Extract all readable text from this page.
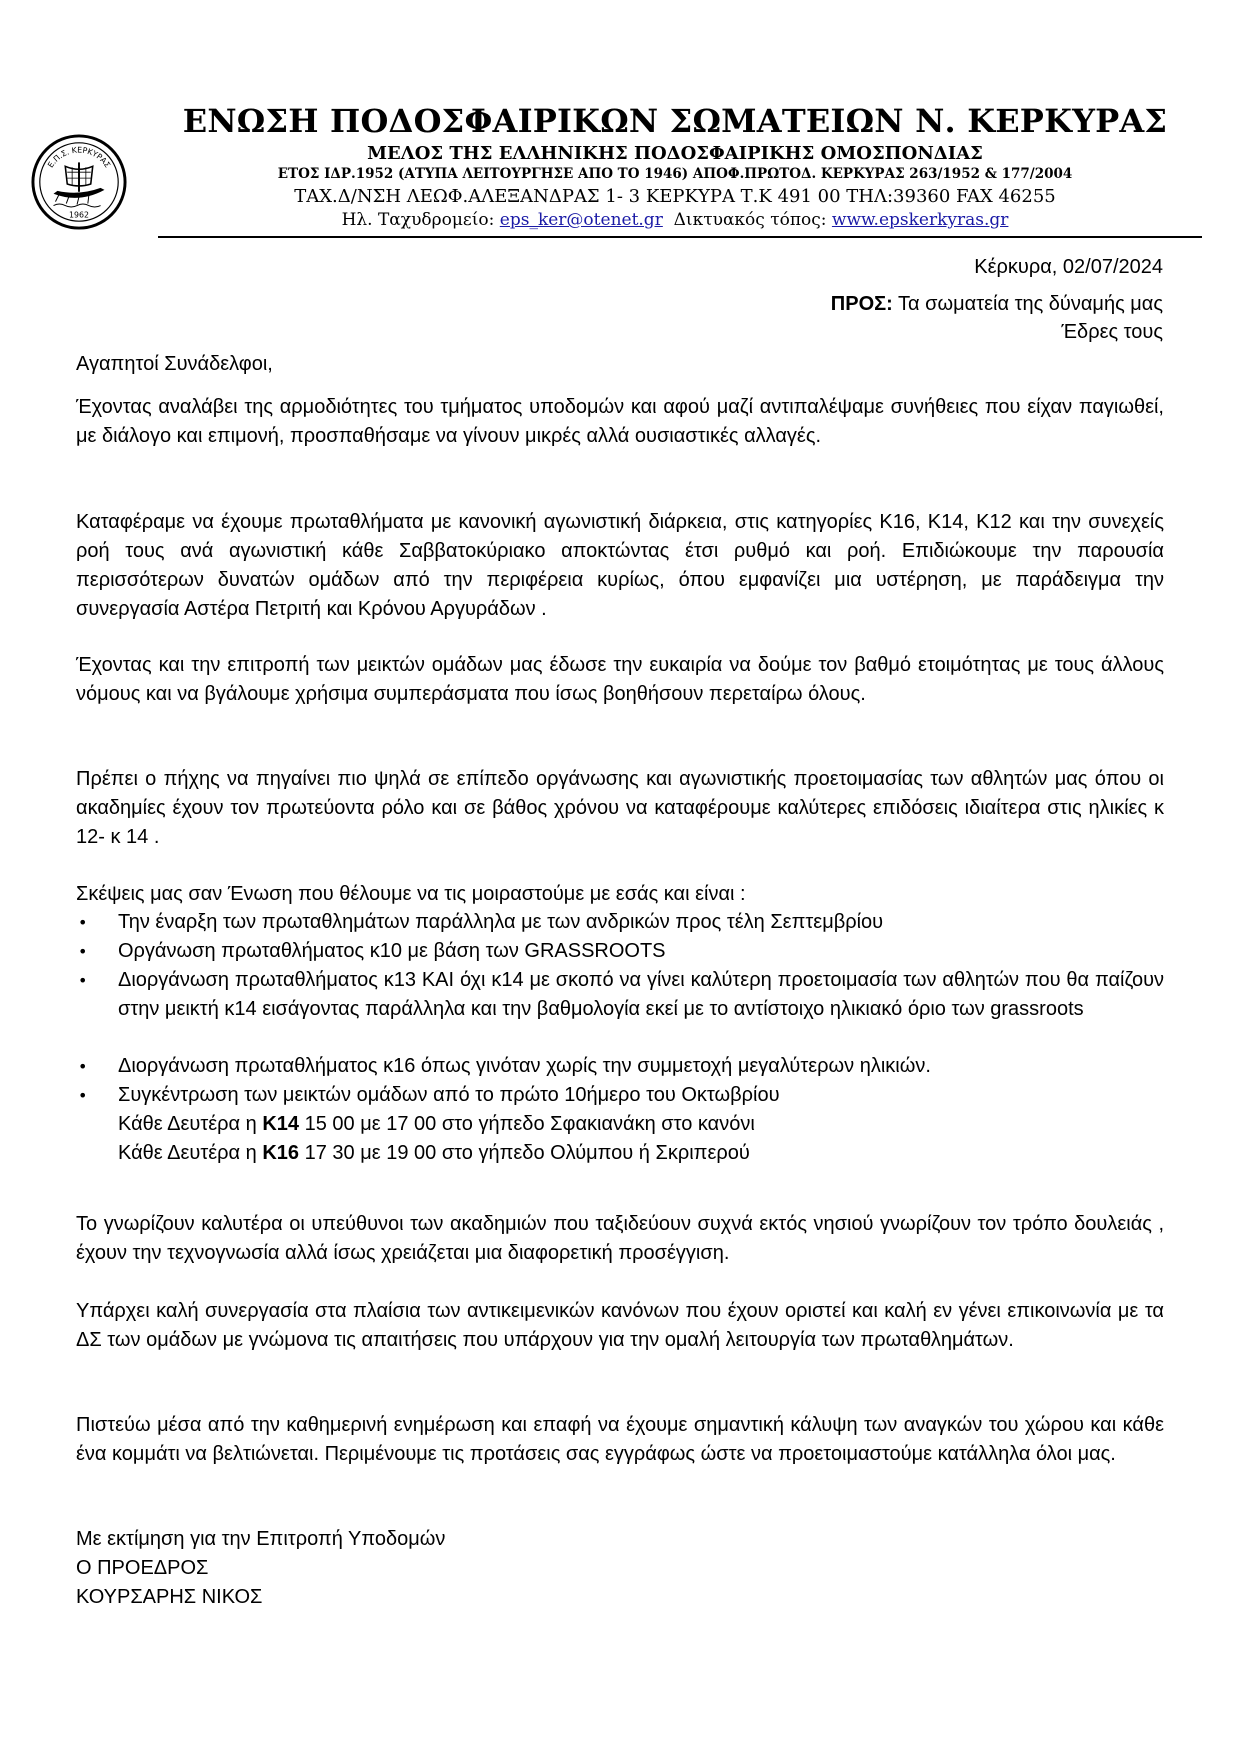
Ε.Π.Σ. ΚΕΡΚΥΡΑΣ
1962
ΕΝΩΣΗ ΠΟΔΟΣΦΑΙΡΙΚΩΝ ΣΩΜΑΤΕΙΩΝ Ν. ΚΕΡΚΥΡΑΣ
ΜΕΛΟΣ ΤΗΣ ΕΛΛΗΝΙΚΗΣ ΠΟΔΟΣΦΑΙΡΙΚΗΣ ΟΜΟΣΠΟΝΔΙΑΣ
ΕΤΟΣ ΙΔΡ.1952 (ΑΤΥΠΑ ΛΕΙΤΟΥΡΓΗΣΕ ΑΠΟ ΤΟ 1946) ΑΠΟΦ.ΠΡΩΤΟΔ. ΚΕΡΚΥΡΑΣ 263/1952 & 177/2004
ΤΑΧ.Δ/ΝΣΗ ΛΕΩΦ.ΑΛΕΞΑΝΔΡΑΣ 1- 3 ΚΕΡΚΥΡΑ Τ.Κ 491 00 ΤΗΛ:39360 FAX 46255
Ηλ. Ταχυδρομείο: eps_ker@otenet.gr Δικτυακός τόπος: www.epskerkyras.gr
Κέρκυρα, 02/07/2024
ΠΡΟΣ: Τα σωματεία της δύναμής μας
Έδρες τους
Αγαπητοί Συνάδελφοι,
Έχοντας αναλάβει της αρμοδιότητες του τμήματος υποδομών και αφού μαζί αντιπαλέψαμε συνήθειες που είχαν παγιωθεί, με διάλογο και επιμονή, προσπαθήσαμε να γίνουν μικρές αλλά ουσιαστικές αλλαγές.
Καταφέραμε να έχουμε πρωταθλήματα με κανονική αγωνιστική διάρκεια, στις κατηγορίες Κ16, Κ14, Κ12 και την συνεχείς ροή τους ανά αγωνιστική κάθε Σαββατοκύριακο αποκτώντας έτσι ρυθμό και ροή. Επιδιώκουμε την παρουσία περισσότερων δυνατών ομάδων από την περιφέρεια κυρίως, όπου εμφανίζει μια υστέρηση, με παράδειγμα την συνεργασία Αστέρα Πετριτή και Κρόνου Αργυράδων .
Έχοντας και την επιτροπή των μεικτών ομάδων μας έδωσε την ευκαιρία να δούμε τον βαθμό ετοιμότητας με τους άλλους νόμους και να βγάλουμε χρήσιμα συμπεράσματα που ίσως βοηθήσουν περεταίρω όλους.
Πρέπει ο πήχης να πηγαίνει πιο ψηλά σε επίπεδο οργάνωσης και αγωνιστικής προετοιμασίας των αθλητών μας όπου οι ακαδημίες έχουν τον πρωτεύοντα ρόλο και σε βάθος χρόνου να καταφέρουμε καλύτερες επιδόσεις ιδιαίτερα στις ηλικίες κ 12- κ 14 .
Σκέψεις μας σαν Ένωση που θέλουμε να τις μοιραστούμε με εσάς και είναι :
• Την έναρξη των πρωταθλημάτων παράλληλα με των ανδρικών προς τέλη Σεπτεμβρίου
• Οργάνωση πρωταθλήματος κ10 με βάση των GRASSROOTS
• Διοργάνωση πρωταθλήματος κ13 ΚΑΙ όχι κ14 με σκοπό να γίνει καλύτερη προετοιμασία των αθλητών που θα παίζουν στην μεικτή κ14 εισάγοντας παράλληλα και την βαθμολογία εκεί με το αντίστοιχο ηλικιακό όριο των grassroots
• Διοργάνωση πρωταθλήματος κ16 όπως γινόταν χωρίς την συμμετοχή μεγαλύτερων ηλικιών.
• Συγκέντρωση των μεικτών ομάδων από το πρώτο 10ήμερο του Οκτωβρίου
Κάθε Δευτέρα η Κ14 15 00 με 17 00 στο γήπεδο Σφακιανάκη στο κανόνι
Κάθε Δευτέρα η Κ16 17 30 με 19 00 στο γήπεδο Ολύμπου ή Σκριπερού
Το γνωρίζουν καλυτέρα οι υπεύθυνοι των ακαδημιών που ταξιδεύουν συχνά εκτός νησιού γνωρίζουν τον τρόπο δουλειάς , έχουν την τεχνογνωσία αλλά ίσως χρειάζεται μια διαφορετική προσέγγιση.
Υπάρχει καλή συνεργασία στα πλαίσια των αντικειμενικών κανόνων που έχουν οριστεί και καλή εν γένει επικοινωνία με τα ΔΣ των ομάδων με γνώμονα τις απαιτήσεις που υπάρχουν για την ομαλή λειτουργία των πρωταθλημάτων.
Πιστεύω μέσα από την καθημερινή ενημέρωση και επαφή να έχουμε σημαντική κάλυψη των αναγκών του χώρου και κάθε ένα κομμάτι να βελτιώνεται. Περιμένουμε τις προτάσεις σας εγγράφως ώστε να προετοιμαστούμε κατάλληλα όλοι μας.
Με εκτίμηση για την Επιτροπή Υποδομών
Ο ΠΡΟΕΔΡΟΣ
ΚΟΥΡΣΑΡΗΣ ΝΙΚΟΣ
